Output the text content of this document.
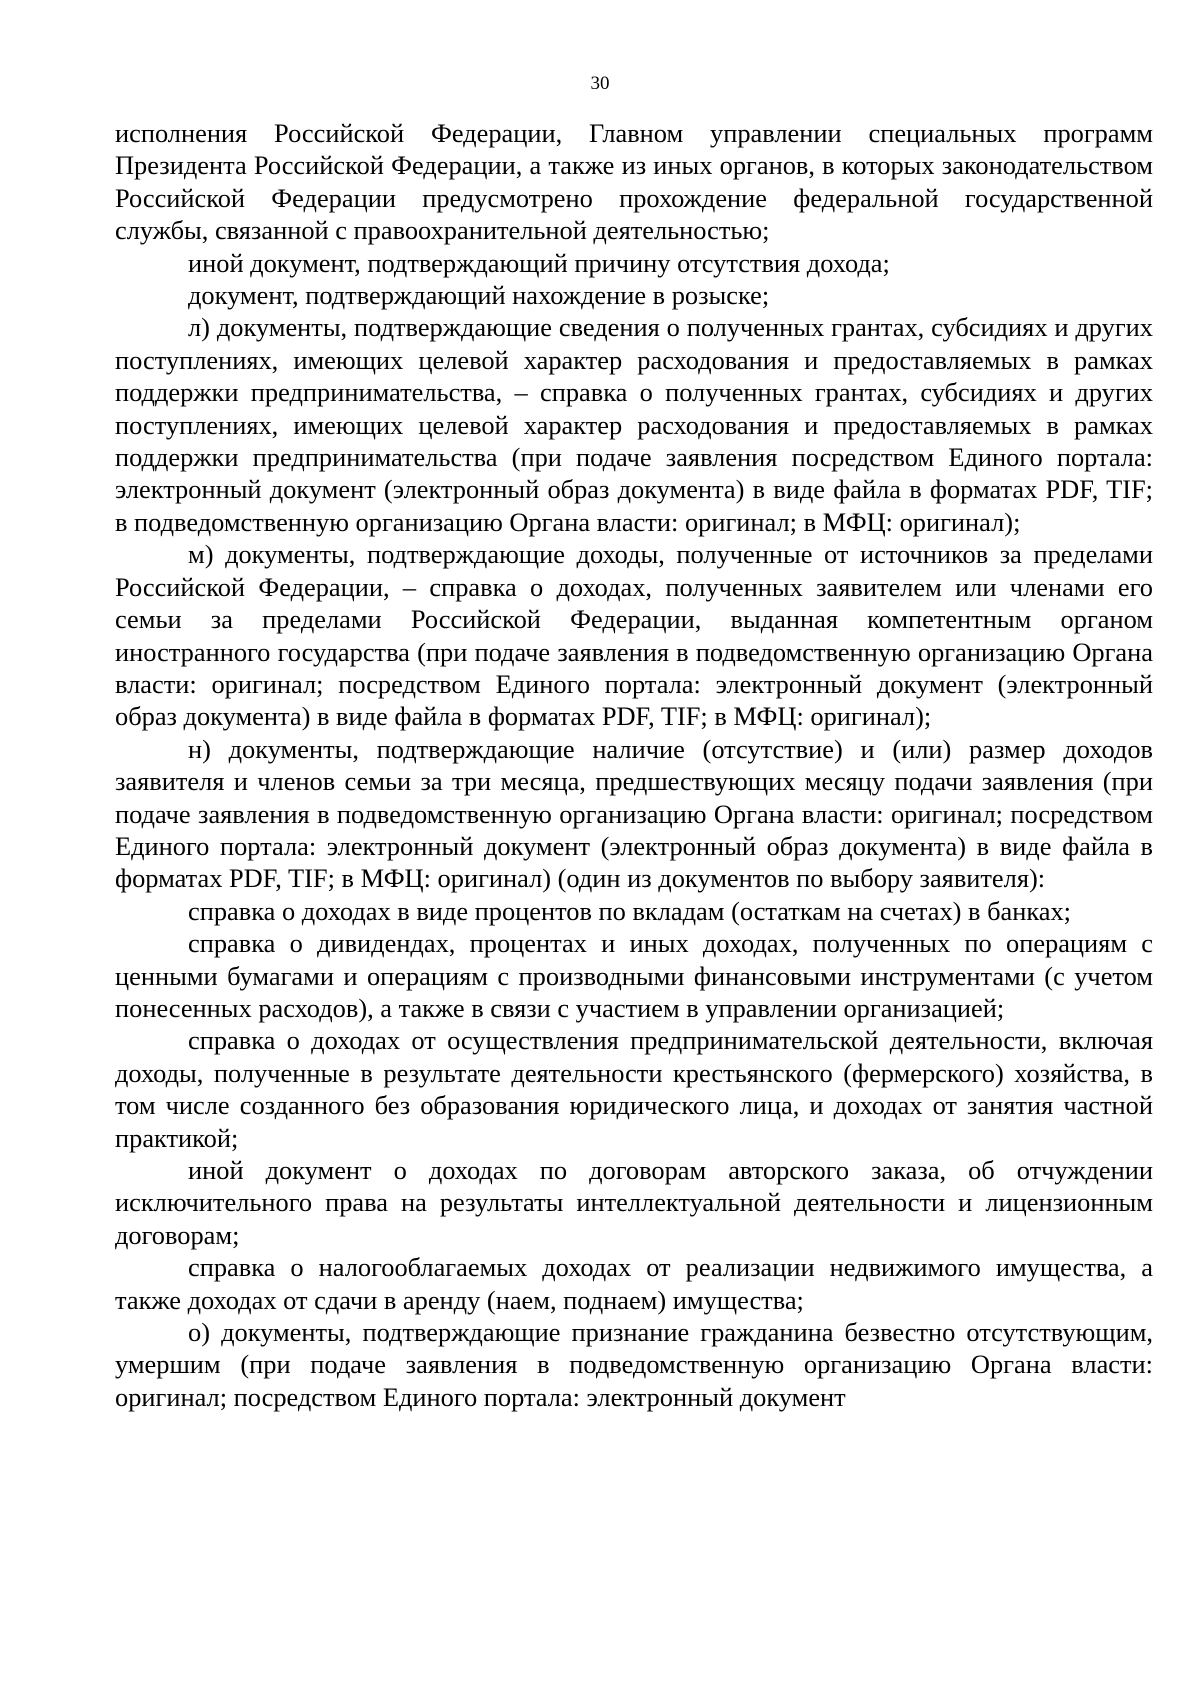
30

исполнения Российской Федерации, Главном управлении специальных программ Президента Российской Федерации, а также из иных органов, в которых законодательством Российской Федерации предусмотрено прохождение федеральной государственной службы, связанной с правоохранительной деятельностью;

иной документ, подтверждающий причину отсутствия дохода;

документ, подтверждающий нахождение в розыске;

л) документы, подтверждающие сведения о полученных грантах, субсидиях и других поступлениях, имеющих целевой характер расходования и предоставляемых в рамках поддержки предпринимательства, – справка о полученных грантах, субсидиях и других поступлениях, имеющих целевой характер расходования и предоставляемых в рамках поддержки предпринимательства (при подаче заявления посредством Единого портала: электронный документ (электронный образ документа) в виде файла в форматах PDF, TIF; в подведомственную организацию Органа власти: оригинал; в МФЦ: оригинал);

м) документы, подтверждающие доходы, полученные от источников за пределами Российской Федерации, – справка о доходах, полученных заявителем или членами его семьи за пределами Российской Федерации, выданная компетентным органом иностранного государства (при подаче заявления в подведомственную организацию Органа власти: оригинал; посредством Единого портала: электронный документ (электронный образ документа) в виде файла в форматах PDF, TIF; в МФЦ: оригинал);

н) документы, подтверждающие наличие (отсутствие) и (или) размер доходов заявителя и членов семьи за три месяца, предшествующих месяцу подачи заявления (при подаче заявления в подведомственную организацию Органа власти: оригинал; посредством Единого портала: электронный документ (электронный образ документа) в виде файла в форматах PDF, TIF; в МФЦ: оригинал) (один из документов по выбору заявителя):

справка о доходах в виде процентов по вкладам (остаткам на счетах) в банках;

справка о дивидендах, процентах и иных доходах, полученных по операциям с ценными бумагами и операциям с производными финансовыми инструментами (с учетом понесенных расходов), а также в связи с участием в управлении организацией;

справка о доходах от осуществления предпринимательской деятельности, включая доходы, полученные в результате деятельности крестьянского (фермерского) хозяйства, в том числе созданного без образования юридического лица, и доходах от занятия частной практикой;

иной документ о доходах по договорам авторского заказа, об отчуждении исключительного права на результаты интеллектуальной деятельности и лицензионным договорам;

справка о налогооблагаемых доходах от реализации недвижимого имущества, а также доходах от сдачи в аренду (наем, поднаем) имущества;

о) документы, подтверждающие признание гражданина безвестно отсутствующим, умершим (при подаче заявления в подведомственную организацию Органа власти: оригинал; посредством Единого портала: электронный документ
